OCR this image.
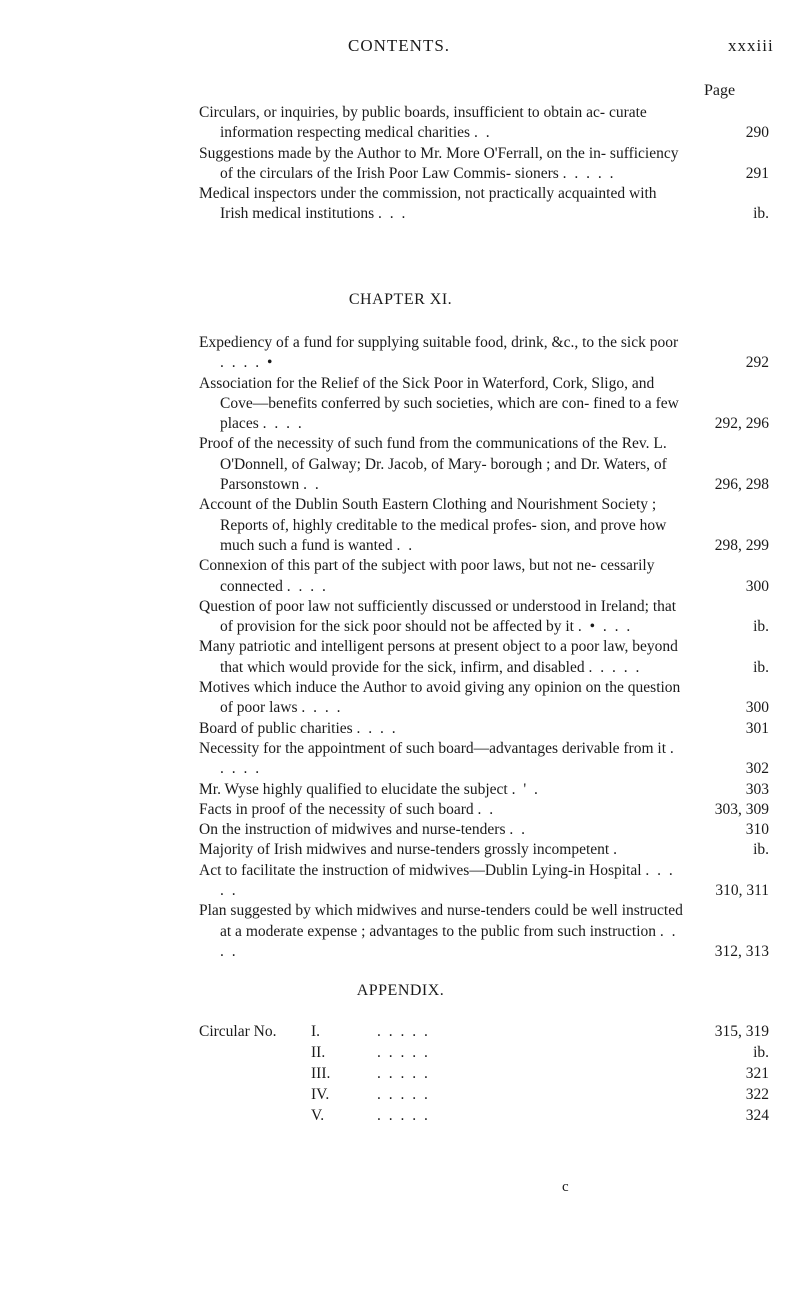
CONTENTS.	xxxiii
Page
Circulars, or inquiries, by public boards, insufficient to obtain ac- curate information respecting medical charities . .	290
Suggestions made by the Author to Mr. More O'Ferrall, on the in- sufficiency of the circulars of the Irish Poor Law Commis- sioners . . . . .	291
Medical inspectors under the commission, not practically acquainted with Irish medical institutions . . .	ib.
CHAPTER XI.
Expediency of a fund for supplying suitable food, drink, &c., to the sick poor . . . . •	292
Association for the Relief of the Sick Poor in Waterford, Cork, Sligo, and Cove—benefits conferred by such societies, which are con- fined to a few places . . . .	292, 296
Proof of the necessity of such fund from the communications of the Rev. L. O'Donnell, of Galway; Dr. Jacob, of Mary- borough ; and Dr. Waters, of Parsonstown . .	296, 298
Account of the Dublin South Eastern Clothing and Nourishment Society ; Reports of, highly creditable to the medical profes- sion, and prove how much such a fund is wanted . .	298, 299
Connexion of this part of the subject with poor laws, but not ne- cessarily connected . . . .	300
Question of poor law not sufficiently discussed or understood in Ireland; that of provision for the sick poor should not be affected by it . • . . .	ib.
Many patriotic and intelligent persons at present object to a poor law, beyond that which would provide for the sick, infirm, and disabled . . . . .	ib.
Motives which induce the Author to avoid giving any opinion on the question of poor laws . . . .	300
Board of public charities . . . .	301
Necessity for the appointment of such board—advantages derivable from it . . . . .	302
Mr. Wyse highly qualified to elucidate the subject . ' .	303
Facts in proof of the necessity of such board . .	303, 309
On the instruction of midwives and nurse-tenders . .	310
Majority of Irish midwives and nurse-tenders grossly incompetent .	ib.
Act to facilitate the instruction of midwives—Dublin Lying-in Hospital . . . . .	310, 311
Plan suggested by which midwives and nurse-tenders could be well instructed at a moderate expense ; advantages to the public from such instruction . . . .	312, 313
APPENDIX.
Circular No. I.	. . . . .	315, 319
II.	. . . . .	ib.
III.	. . . . .	321
IV.	. . . . .	322
V.	. . . . .	324
c
